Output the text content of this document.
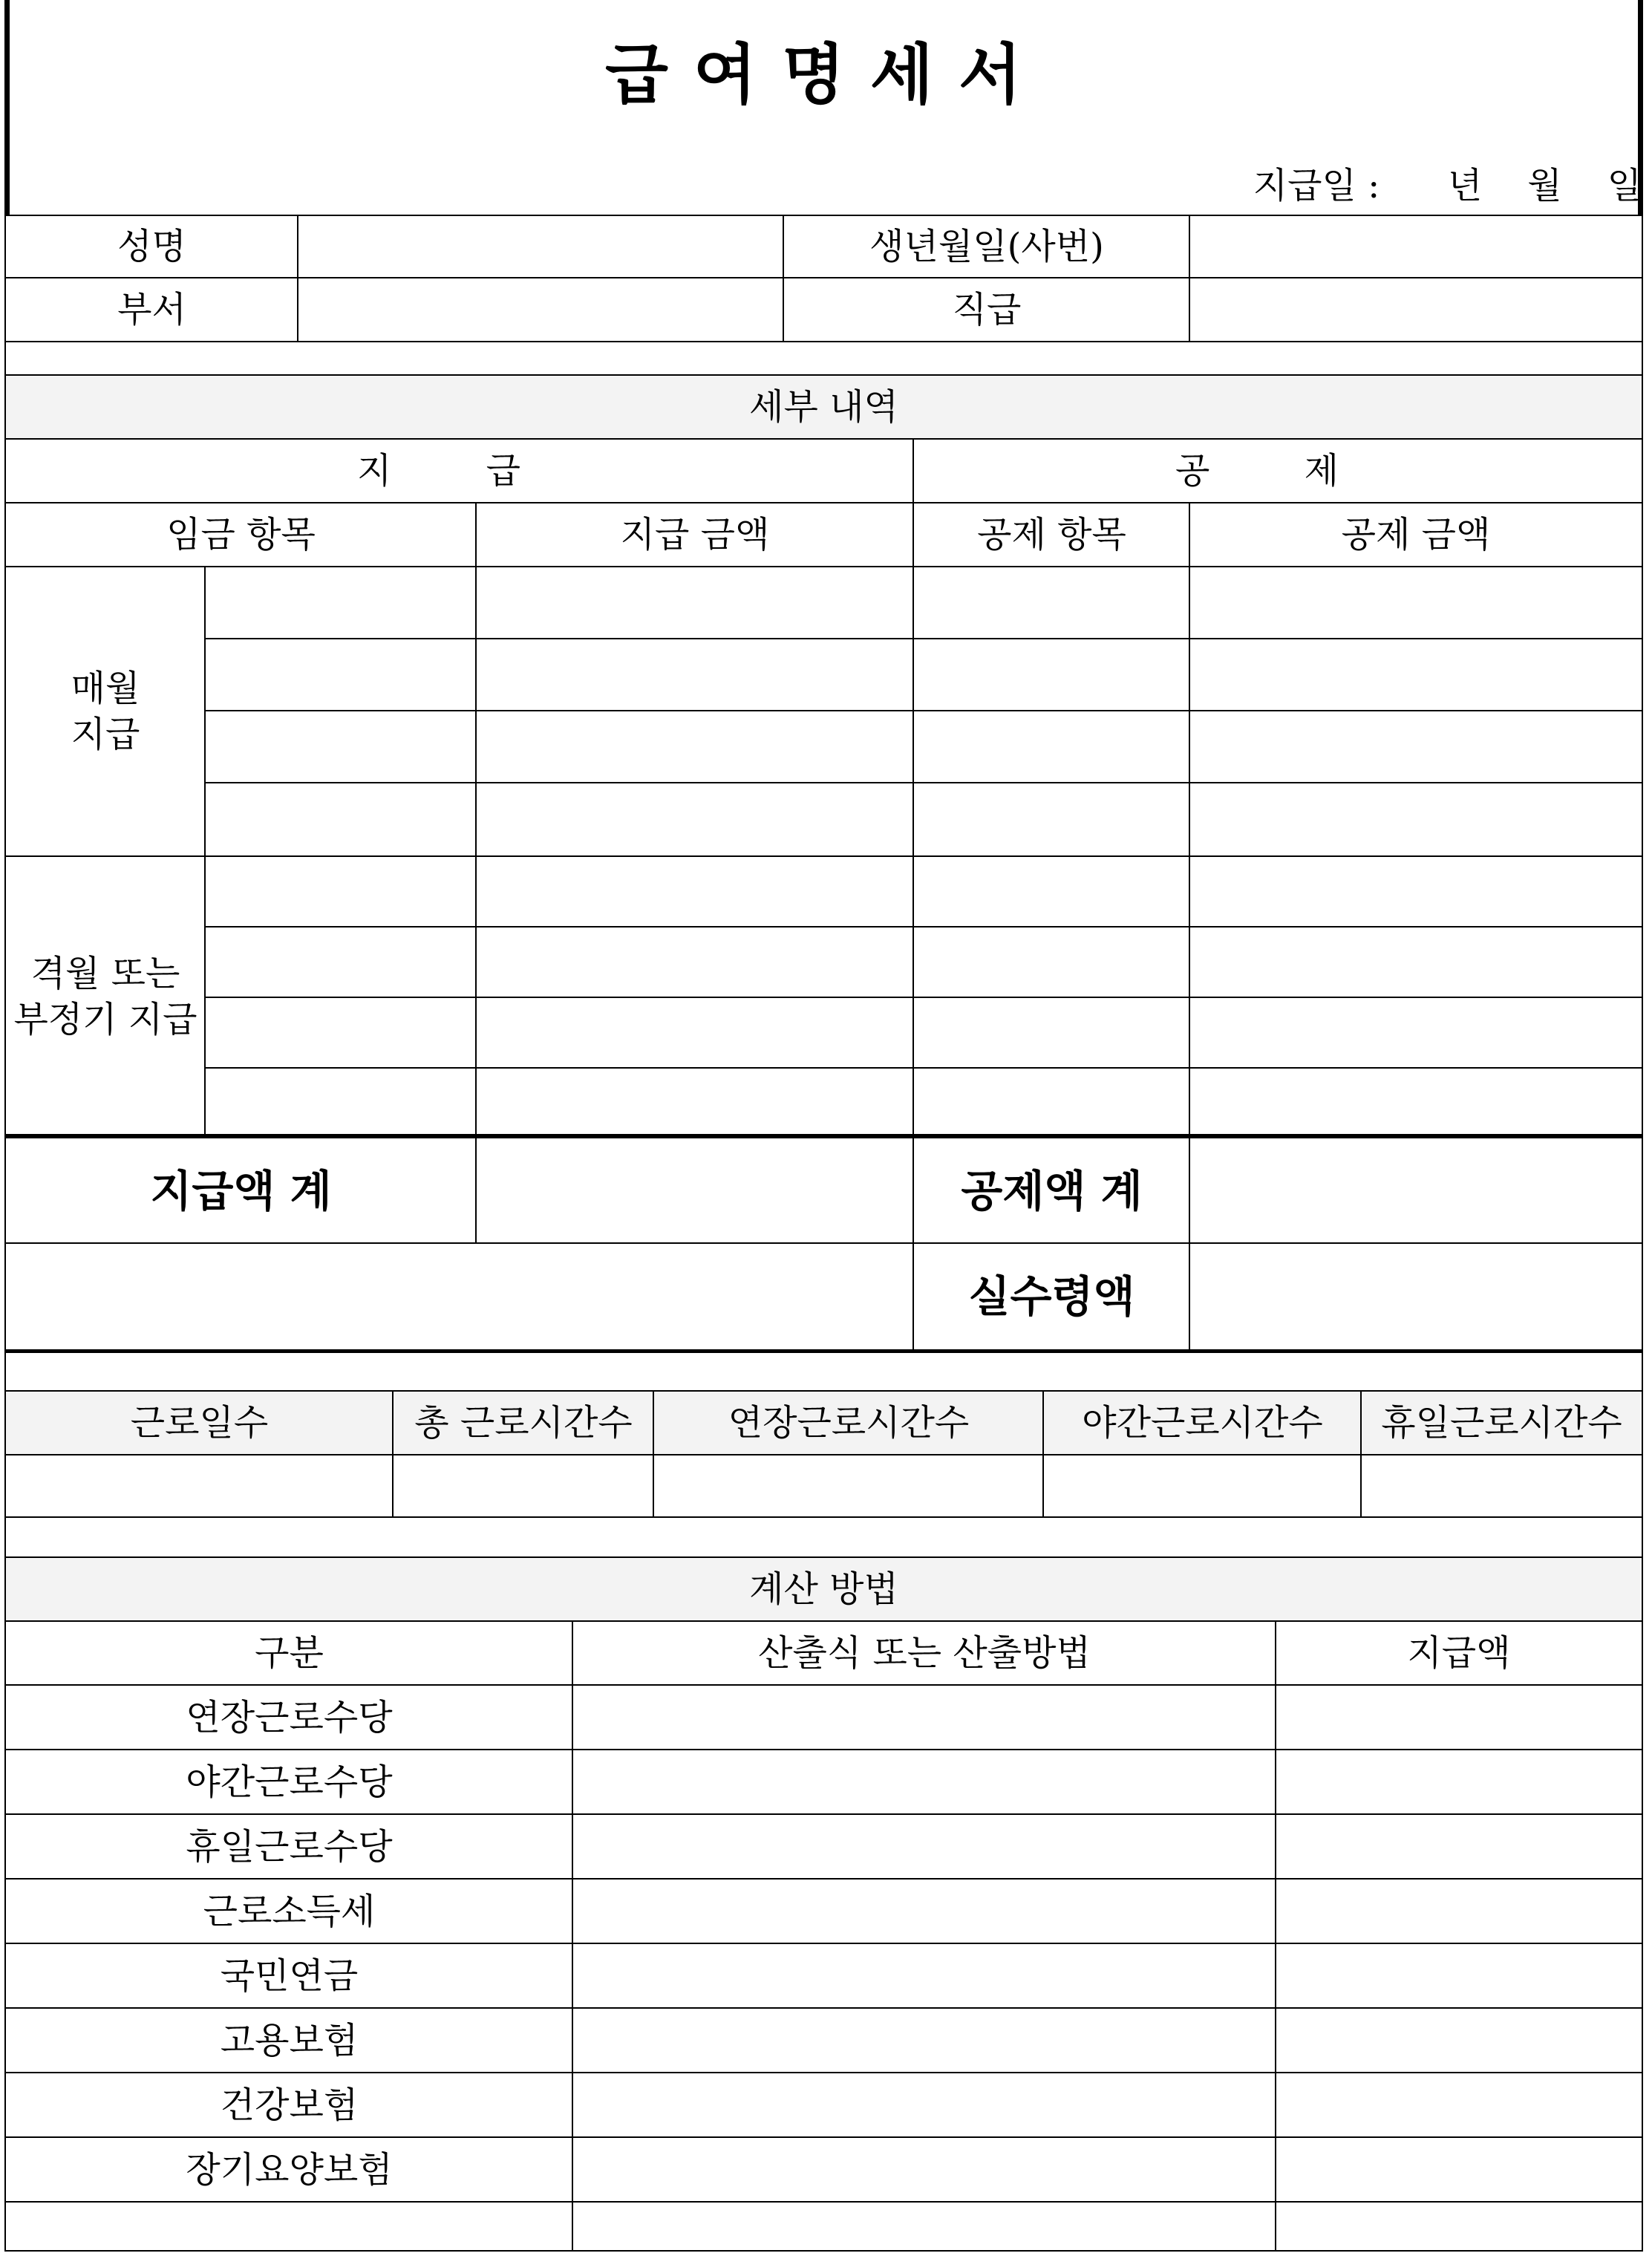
급여명세서
지급일 : 년 월 일
성명	생년월일(사번)
부서	직급
세부 내역
지 급	공 제
임금 항목	지급 금액	공제 항목	공제 금액
매월
지급
격월 또는
부정기 지급
지급액 계	공제액 계
실수령액
근로일수	총 근로시간수	연장근로시간수	야간근로시간수	휴일근로시간수
계산 방법
구분	산출식 또는 산출방법	지급액
연장근로수당
야간근로수당
휴일근로수당
근로소득세
국민연금
고용보험
건강보험
장기요양보험
